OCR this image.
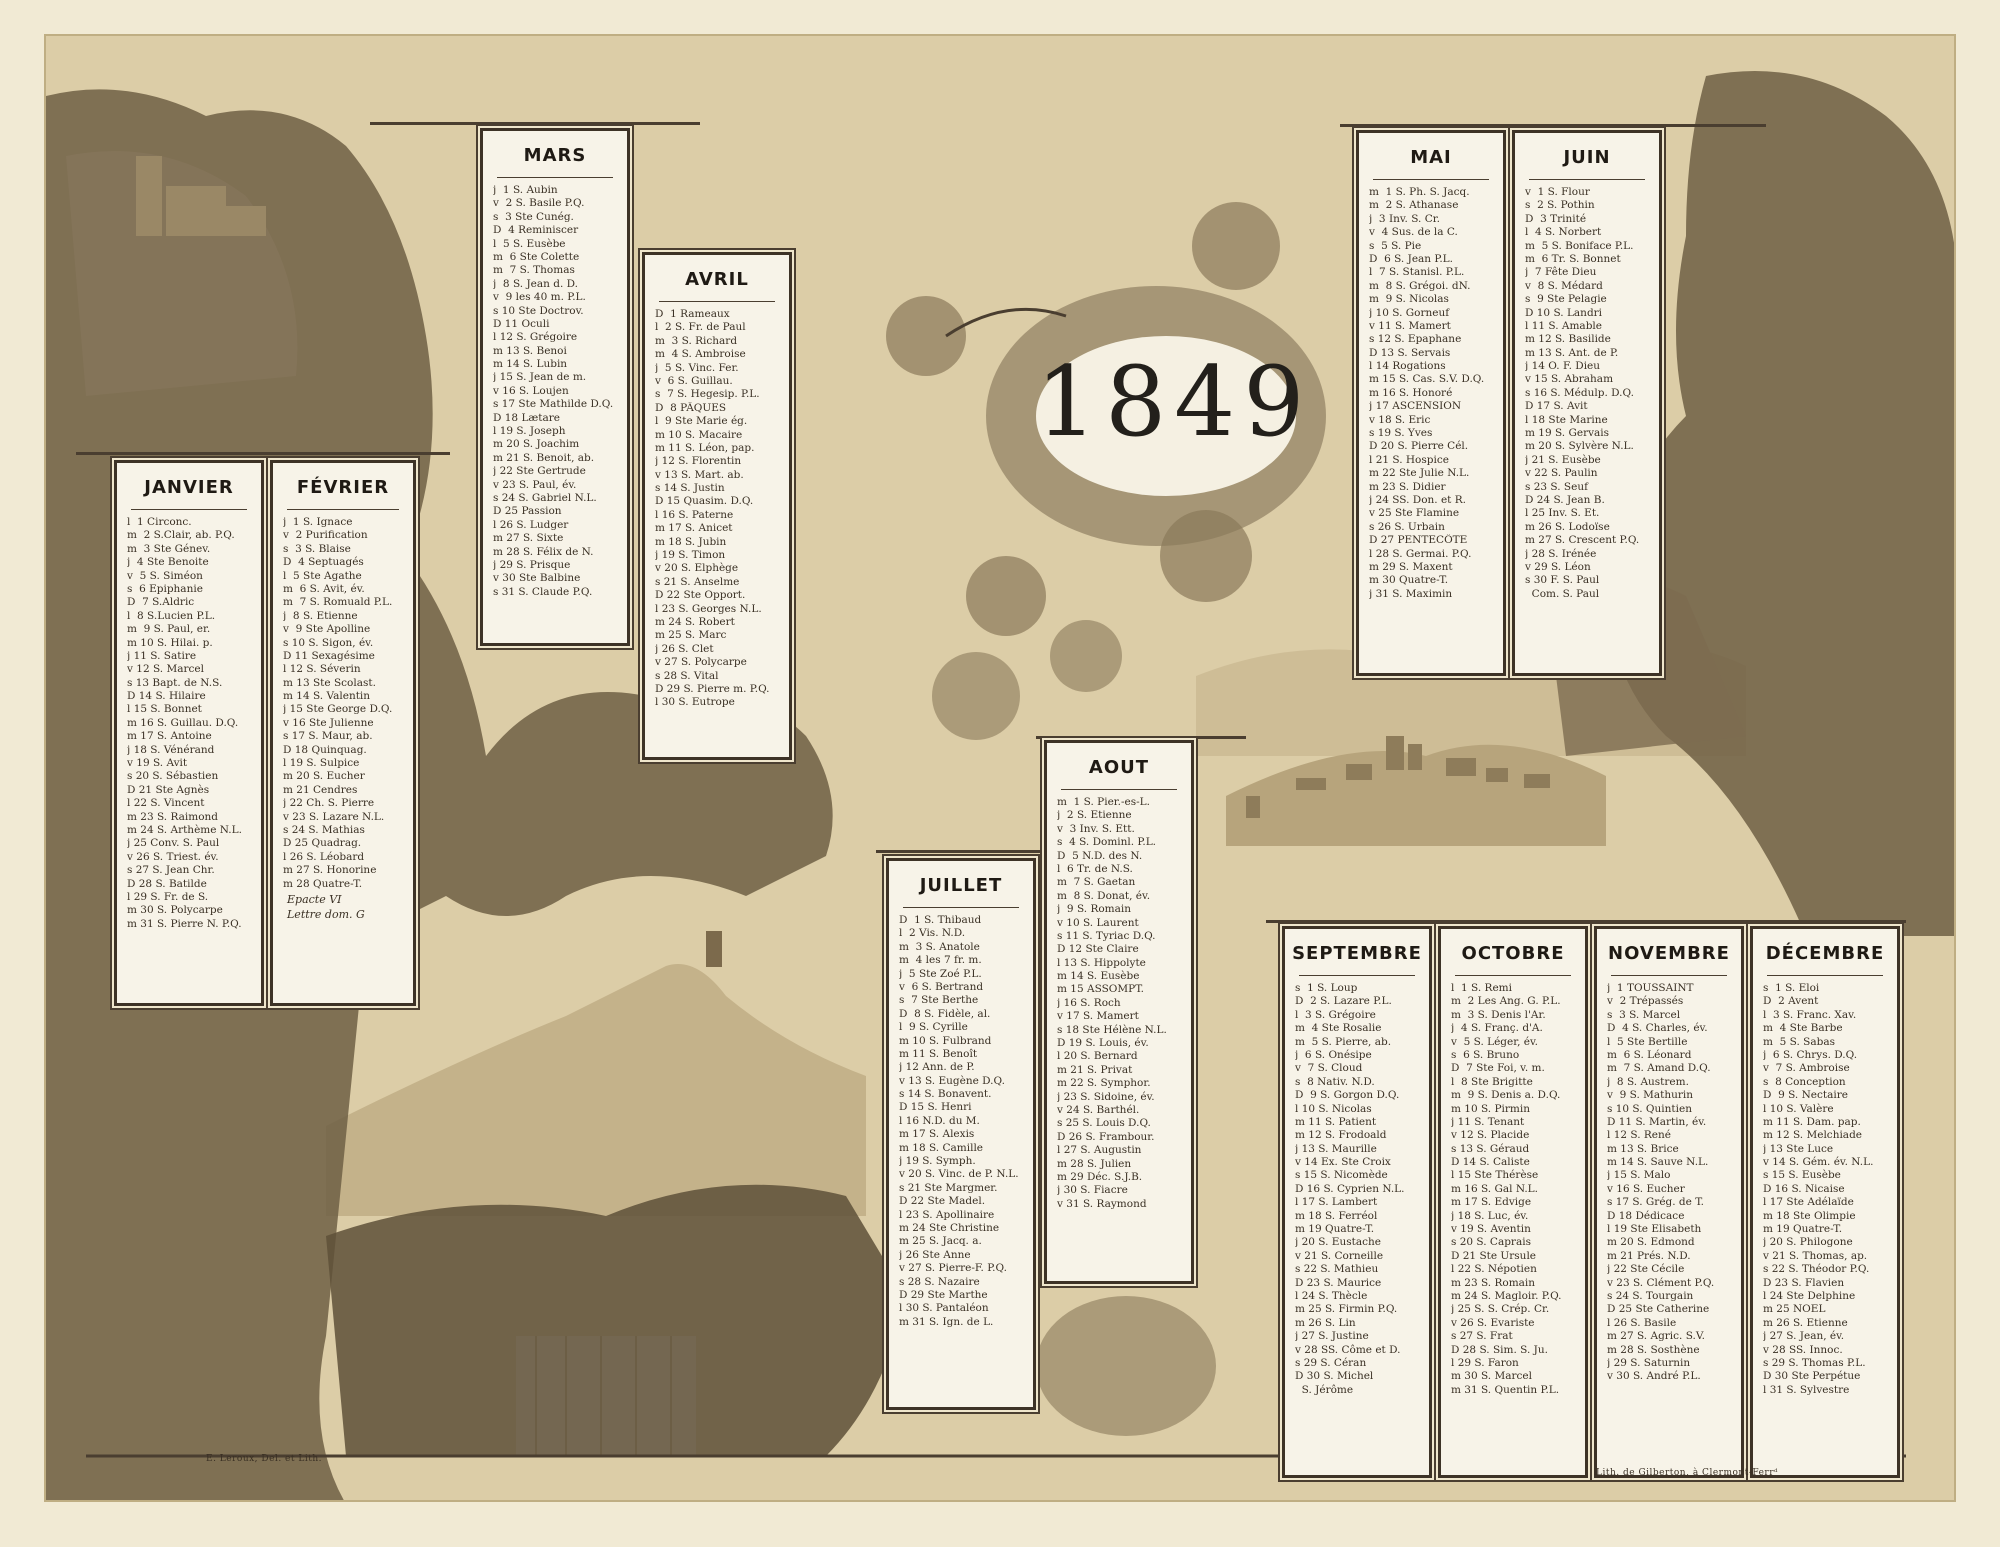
1849
JANVIER
l  1 Circonc.
m  2 S.Clair, ab. P.Q.
m  3 Ste Génev.
j  4 Ste Benoite
v  5 S. Siméon
s  6 Epiphanie
D  7 S.Aldric
l  8 S.Lucien P.L.
m  9 S. Paul, er.
m 10 S. Hilai. p.
j 11 S. Satire
v 12 S. Marcel
s 13 Bapt. de N.S.
D 14 S. Hilaire
l 15 S. Bonnet
m 16 S. Guillau. D.Q.
m 17 S. Antoine
j 18 S. Vénérand
v 19 S. Avit
s 20 S. Sébastien
D 21 Ste Agnès
l 22 S. Vincent
m 23 S. Raimond
m 24 S. Arthème N.L.
j 25 Conv. S. Paul
v 26 S. Triest. év.
s 27 S. Jean Chr.
D 28 S. Batilde
l 29 S. Fr. de S.
m 30 S. Polycarpe
m 31 S. Pierre N. P.Q.
FÉVRIER
j  1 S. Ignace
v  2 Purification
s  3 S. Blaise
D  4 Septuagés
l  5 Ste Agathe
m  6 S. Avit, év.
m  7 S. Romuald P.L.
j  8 S. Etienne
v  9 Ste Apolline
s 10 S. Sigon, év.
D 11 Sexagésime
l 12 S. Séverin
m 13 Ste Scolast.
m 14 S. Valentin
j 15 Ste George D.Q.
v 16 Ste Julienne
s 17 S. Maur, ab.
D 18 Quinquag.
l 19 S. Sulpice
m 20 S. Eucher
m 21 Cendres
j 22 Ch. S. Pierre
v 23 S. Lazare N.L.
s 24 S. Mathias
D 25 Quadrag.
l 26 S. Léobard
m 27 S. Honorine
m 28 Quatre-T.
Epacte VI
Lettre dom. G
MARS
j  1 S. Aubin
v  2 S. Basile P.Q.
s  3 Ste Cunég.
D  4 Reminiscer
l  5 S. Eusèbe
m  6 Ste Colette
m  7 S. Thomas
j  8 S. Jean d. D.
v  9 les 40 m. P.L.
s 10 Ste Doctrov.
D 11 Oculi
l 12 S. Grégoire
m 13 S. Benoi
m 14 S. Lubin
j 15 S. Jean de m.
v 16 S. Loujen
s 17 Ste Mathilde D.Q.
D 18 Lætare
l 19 S. Joseph
m 20 S. Joachim
m 21 S. Benoit, ab.
j 22 Ste Gertrude
v 23 S. Paul, év.
s 24 S. Gabriel N.L.
D 25 Passion
l 26 S. Ludger
m 27 S. Sixte
m 28 S. Félix de N.
j 29 S. Prisque
v 30 Ste Balbine
s 31 S. Claude P.Q.
AVRIL
D  1 Rameaux
l  2 S. Fr. de Paul
m  3 S. Richard
m  4 S. Ambroise
j  5 S. Vinc. Fer.
v  6 S. Guillau.
s  7 S. Hegesip. P.L.
D  8 PÂQUES
l  9 Ste Marie ég.
m 10 S. Macaire
m 11 S. Léon, pap.
j 12 S. Florentin
v 13 S. Mart. ab.
s 14 S. Justin
D 15 Quasim. D.Q.
l 16 S. Paterne
m 17 S. Anicet
m 18 S. Jubin
j 19 S. Timon
v 20 S. Elphège
s 21 S. Anselme
D 22 Ste Opport.
l 23 S. Georges N.L.
m 24 S. Robert
m 25 S. Marc
j 26 S. Clet
v 27 S. Polycarpe
s 28 S. Vital
D 29 S. Pierre m. P.Q.
l 30 S. Eutrope
MAI
m  1 S. Ph. S. Jacq.
m  2 S. Athanase
j  3 Inv. S. Cr.
v  4 Sus. de la C.
s  5 S. Pie
D  6 S. Jean P.L.
l  7 S. Stanisl. P.L.
m  8 S. Grégoi. dN.
m  9 S. Nicolas
j 10 S. Gorneuf
v 11 S. Mamert
s 12 S. Epaphane
D 13 S. Servais
l 14 Rogations
m 15 S. Cas. S.V. D.Q.
m 16 S. Honoré
j 17 ASCENSION
v 18 S. Eric
s 19 S. Yves
D 20 S. Pierre Cél.
l 21 S. Hospice
m 22 Ste Julie N.L.
m 23 S. Didier
j 24 SS. Don. et R.
v 25 Ste Flamine
s 26 S. Urbain
D 27 PENTECÔTE
l 28 S. Germai. P.Q.
m 29 S. Maxent
m 30 Quatre-T.
j 31 S. Maximin
JUIN
v  1 S. Flour
s  2 S. Pothin
D  3 Trinité
l  4 S. Norbert
m  5 S. Boniface P.L.
m  6 Tr. S. Bonnet
j  7 Fête Dieu
v  8 S. Médard
s  9 Ste Pelagie
D 10 S. Landri
l 11 S. Amable
m 12 S. Basilide
m 13 S. Ant. de P.
j 14 O. F. Dieu
v 15 S. Abraham
s 16 S. Médulp. D.Q.
D 17 S. Avit
l 18 Ste Marine
m 19 S. Gervais
m 20 S. Sylvère N.L.
j 21 S. Eusèbe
v 22 S. Paulin
s 23 S. Seuf
D 24 S. Jean B.
l 25 Inv. S. Et.
m 26 S. Lodoïse
m 27 S. Crescent P.Q.
j 28 S. Irénée
v 29 S. Léon
s 30 F. S. Paul
Com. S. Paul
JUILLET
D  1 S. Thibaud
l  2 Vis. N.D.
m  3 S. Anatole
m  4 les 7 fr. m.
j  5 Ste Zoé P.L.
v  6 S. Bertrand
s  7 Ste Berthe
D  8 S. Fidèle, al.
l  9 S. Cyrille
m 10 S. Fulbrand
m 11 S. Benoît
j 12 Ann. de P.
v 13 S. Eugène D.Q.
s 14 S. Bonavent.
D 15 S. Henri
l 16 N.D. du M.
m 17 S. Alexis
m 18 S. Camille
j 19 S. Symph.
v 20 S. Vinc. de P. N.L.
s 21 Ste Margmer.
D 22 Ste Madel.
l 23 S. Apollinaire
m 24 Ste Christine
m 25 S. Jacq. a.
j 26 Ste Anne
v 27 S. Pierre-F. P.Q.
s 28 S. Nazaire
D 29 Ste Marthe
l 30 S. Pantaléon
m 31 S. Ign. de L.
AOUT
m  1 S. Pier.-es-L.
j  2 S. Etienne
v  3 Inv. S. Ett.
s  4 S. Dominl. P.L.
D  5 N.D. des N.
l  6 Tr. de N.S.
m  7 S. Gaetan
m  8 S. Donat, év.
j  9 S. Romain
v 10 S. Laurent
s 11 S. Tyriac D.Q.
D 12 Ste Claire
l 13 S. Hippolyte
m 14 S. Eusèbe
m 15 ASSOMPT.
j 16 S. Roch
v 17 S. Mamert
s 18 Ste Hélène N.L.
D 19 S. Louis, év.
l 20 S. Bernard
m 21 S. Privat
m 22 S. Symphor.
j 23 S. Sidoine, év.
v 24 S. Barthél.
s 25 S. Louis D.Q.
D 26 S. Frambour.
l 27 S. Augustin
m 28 S. Julien
m 29 Déc. S.J.B.
j 30 S. Fiacre
v 31 S. Raymond
SEPTEMBRE
s  1 S. Loup
D  2 S. Lazare P.L.
l  3 S. Grégoire
m  4 Ste Rosalie
m  5 S. Pierre, ab.
j  6 S. Onésipe
v  7 S. Cloud
s  8 Nativ. N.D.
D  9 S. Gorgon D.Q.
l 10 S. Nicolas
m 11 S. Patient
m 12 S. Frodoald
j 13 S. Maurille
v 14 Ex. Ste Croix
s 15 S. Nicomède
D 16 S. Cyprien N.L.
l 17 S. Lambert
m 18 S. Ferréol
m 19 Quatre-T.
j 20 S. Eustache
v 21 S. Corneille
s 22 S. Mathieu
D 23 S. Maurice
l 24 S. Thècle
m 25 S. Firmin P.Q.
m 26 S. Lin
j 27 S. Justine
v 28 SS. Côme et D.
s 29 S. Céran
D 30 S. Michel
S. Jérôme
OCTOBRE
l  1 S. Remi
m  2 Les Ang. G. P.L.
m  3 S. Denis l'Ar.
j  4 S. Franç. d'A.
v  5 S. Léger, év.
s  6 S. Bruno
D  7 Ste Foi, v. m.
l  8 Ste Brigitte
m  9 S. Denis a. D.Q.
m 10 S. Pirmin
j 11 S. Tenant
v 12 S. Placide
s 13 S. Géraud
D 14 S. Caliste
l 15 Ste Thérèse
m 16 S. Gal N.L.
m 17 S. Edvige
j 18 S. Luc, év.
v 19 S. Aventin
s 20 S. Caprais
D 21 Ste Ursule
l 22 S. Népotien
m 23 S. Romain
m 24 S. Magloir. P.Q.
j 25 S. S. Crép. Cr.
v 26 S. Evariste
s 27 S. Frat
D 28 S. Sim. S. Ju.
l 29 S. Faron
m 30 S. Marcel
m 31 S. Quentin P.L.
NOVEMBRE
j  1 TOUSSAINT
v  2 Trépassés
s  3 S. Marcel
D  4 S. Charles, év.
l  5 Ste Bertille
m  6 S. Léonard
m  7 S. Amand D.Q.
j  8 S. Austrem.
v  9 S. Mathurin
s 10 S. Quintien
D 11 S. Martin, év.
l 12 S. René
m 13 S. Brice
m 14 S. Sauve N.L.
j 15 S. Malo
v 16 S. Eucher
s 17 S. Grég. de T.
D 18 Dédicace
l 19 Ste Elisabeth
m 20 S. Edmond
m 21 Prés. N.D.
j 22 Ste Cécile
v 23 S. Clément P.Q.
s 24 S. Tourgain
D 25 Ste Catherine
l 26 S. Basile
m 27 S. Agric. S.V.
m 28 S. Sosthène
j 29 S. Saturnin
v 30 S. André P.L.
DÉCEMBRE
s  1 S. Eloi
D  2 Avent
l  3 S. Franc. Xav.
m  4 Ste Barbe
m  5 S. Sabas
j  6 S. Chrys. D.Q.
v  7 S. Ambroise
s  8 Conception
D  9 S. Nectaire
l 10 S. Valère
m 11 S. Dam. pap.
m 12 S. Melchiade
j 13 Ste Luce
v 14 S. Gém. év. N.L.
s 15 S. Eusèbe
D 16 S. Nicaise
l 17 Ste Adélaïde
m 18 Ste Olimpie
m 19 Quatre-T.
j 20 S. Philogone
v 21 S. Thomas, ap.
s 22 S. Théodor P.Q.
D 23 S. Flavien
l 24 Ste Delphine
m 25 NOEL
m 26 S. Etienne
j 27 S. Jean, év.
v 28 SS. Innoc.
s 29 S. Thomas P.L.
D 30 Ste Perpétue
l 31 S. Sylvestre
E. Leroux, Del. et Lith.
Lith. de Gilberton, à Clermont-Ferrᵈ
